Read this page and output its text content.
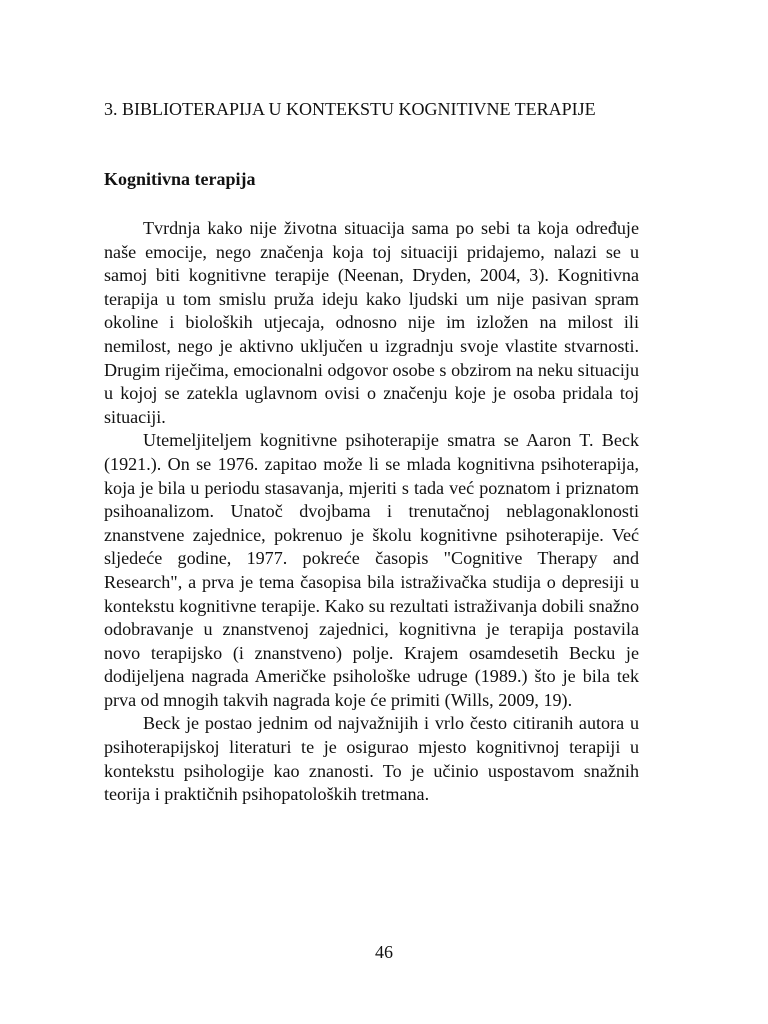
3. BIBLIOTERAPIJA U KONTEKSTU KOGNITIVNE TERAPIJE
Kognitivna terapija

Tvrdnja kako nije životna situacija sama po sebi ta koja određuje naše emocije, nego značenja koja toj situaciji pridajemo, nalazi se u samoj biti kognitivne terapije (Neenan, Dryden, 2004, 3). Kognitivna terapija u tom smislu pruža ideju kako ljudski um nije pasivan spram okoline i bioloških utjecaja, odnosno nije im izložen na milost ili nemilost, nego je aktivno uključen u izgradnju svoje vlastite stvarnosti. Drugim riječima, emocionalni odgovor osobe s obzirom na neku situaciju u kojoj se zatekla uglavnom ovisi o značenju koje je osoba pridala toj situaciji.

Utemeljiteljem kognitivne psihoterapije smatra se Aaron T. Beck (1921.). On se 1976. zapitao može li se mlada kognitivna psihoterapija, koja je bila u periodu stasavanja, mjeriti s tada već poznatom i priznatom psihoanalizom. Unatoč dvojbama i trenutačnoj neblagonaklonosti znanstvene zajednice, pokrenuo je školu kognitivne psihoterapije. Već sljedeće godine, 1977. pokreće časopis "Cognitive Therapy and Research", a prva je tema časopisa bila istraživačka studija o depresiji u kontekstu kognitivne terapije. Kako su rezultati istraživanja dobili snažno odobravanje u znanstvenoj zajednici, kognitivna je terapija postavila novo terapijsko (i znanstveno) polje. Krajem osamdesetih Becku je dodijeljena nagrada Američke psihološke udruge (1989.) što je bila tek prva od mnogih takvih nagrada koje će primiti (Wills, 2009, 19).

Beck je postao jednim od najvažnijih i vrlo često citiranih autora u psihoterapijskoj literaturi te je osigurao mjesto kognitivnoj terapiji u kontekstu psihologije kao znanosti. To je učinio uspostavom snažnih teorija i praktičnih psihopatoloških tretmana.

46
